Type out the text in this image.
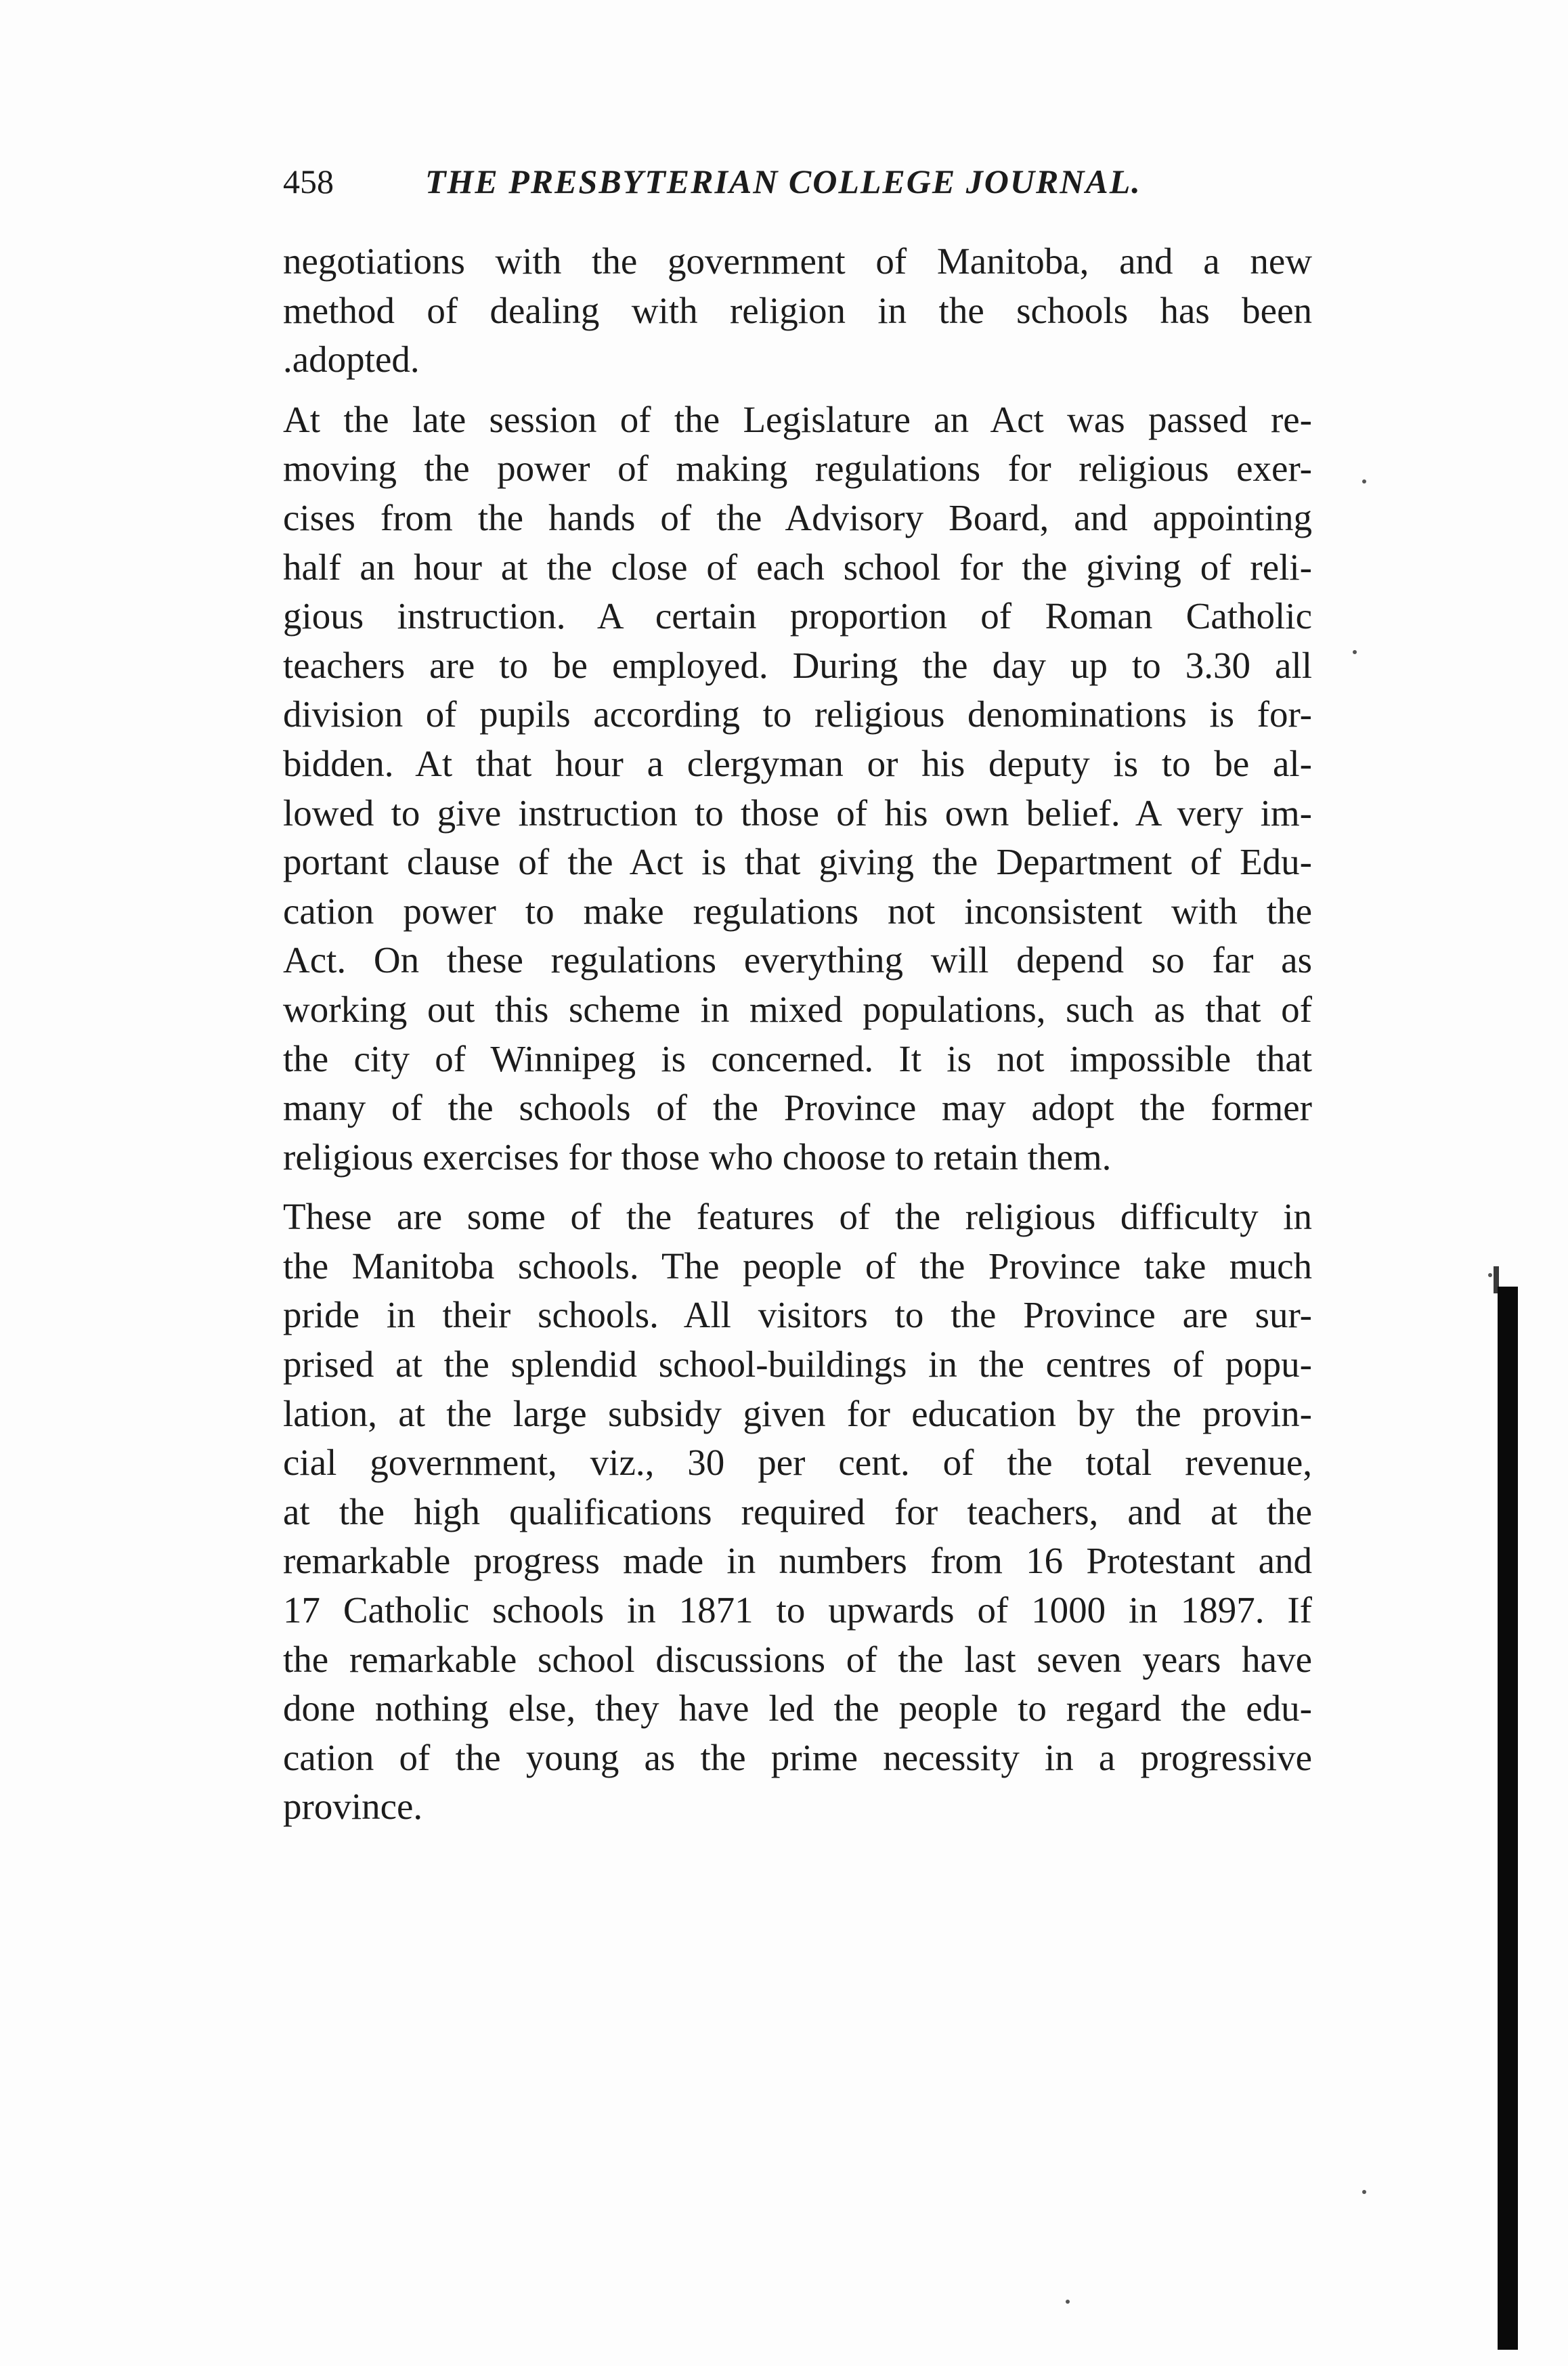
458	THE PRESBYTERIAN COLLEGE JOURNAL.
negotiations with the government of Manitoba, and a new
method of dealing with religion in the schools has been
.adopted.
At the late session of the Legislature an Act was passed re-
moving the power of making regulations for religious exer-
cises from the hands of the Advisory Board, and appointing
half an hour at the close of each school for the giving of reli-
gious instruction. A certain proportion of Roman Catholic
teachers are to be employed. During the day up to 3.30 all
division of pupils according to religious denominations is for-
bidden. At that hour a clergyman or his deputy is to be al-
lowed to give instruction to those of his own belief. A very im-
portant clause of the Act is that giving the Department of Edu-
cation power to make regulations not inconsistent with the
Act. On these regulations everything will depend so far as
working out this scheme in mixed populations, such as that of
the city of Winnipeg is concerned. It is not impossible that
many of the schools of the Province may adopt the former
religious exercises for those who choose to retain them.
These are some of the features of the religious difficulty in
the Manitoba schools. The people of the Province take much
pride in their schools. All visitors to the Province are sur-
prised at the splendid school-buildings in the centres of popu-
lation, at the large subsidy given for education by the provin-
cial government, viz., 30 per cent. of the total revenue,
at the high qualifications required for teachers, and at the
remarkable progress made in numbers from 16 Protestant and
17 Catholic schools in 1871 to upwards of 1000 in 1897. If
the remarkable school discussions of the last seven years have
done nothing else, they have led the people to regard the edu-
cation of the young as the prime necessity in a progressive
province.
